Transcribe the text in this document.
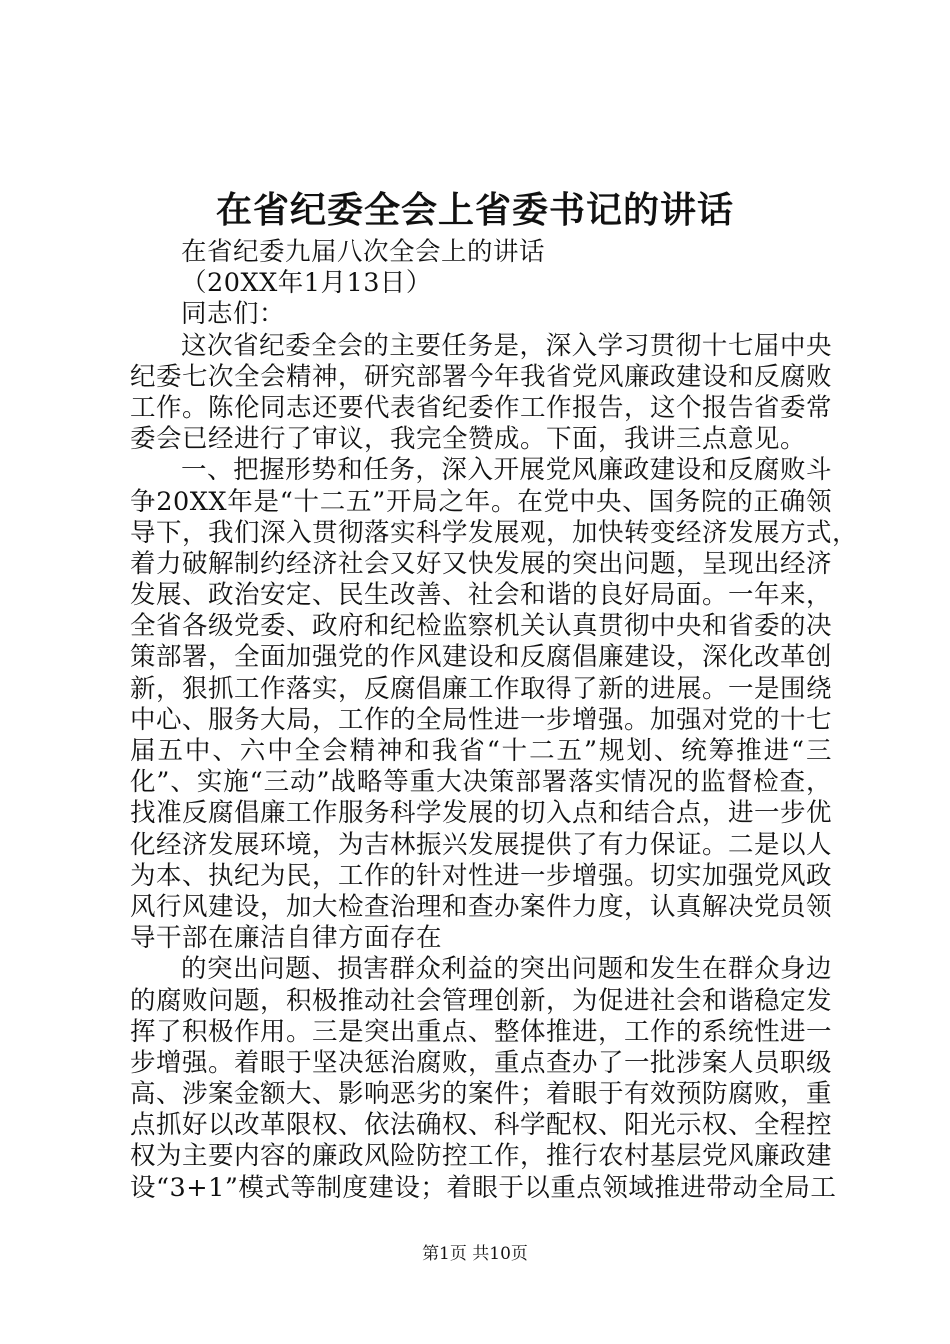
在省纪委全会上省委书记的讲话
在省纪委九届八次全会上的讲话
（20XX年1月13日）
同志们：
这次省纪委全会的主要任务是，深入学习贯彻十七届中央
纪委七次全会精神，研究部署今年我省党风廉政建设和反腐败
工作。陈伦同志还要代表省纪委作工作报告，这个报告省委常
委会已经进行了审议，我完全赞成。下面，我讲三点意见。
一、把握形势和任务，深入开展党风廉政建设和反腐败斗
争20XX年是“十二五”开局之年。在党中央、国务院的正确领
导下，我们深入贯彻落实科学发展观，加快转变经济发展方式，
着力破解制约经济社会又好又快发展的突出问题，呈现出经济
发展、政治安定、民生改善、社会和谐的良好局面。一年来，
全省各级党委、政府和纪检监察机关认真贯彻中央和省委的决
策部署，全面加强党的作风建设和反腐倡廉建设，深化改革创
新，狠抓工作落实，反腐倡廉工作取得了新的进展。一是围绕
中心、服务大局，工作的全局性进一步增强。加强对党的十七
届五中、六中全会精神和我省“十二五”规划、统筹推进“三
化”、实施“三动”战略等重大决策部署落实情况的监督检查，
找准反腐倡廉工作服务科学发展的切入点和结合点，进一步优
化经济发展环境，为吉林振兴发展提供了有力保证。二是以人
为本、执纪为民，工作的针对性进一步增强。切实加强党风政
风行风建设，加大检查治理和查办案件力度，认真解决党员领
导干部在廉洁自律方面存在
的突出问题、损害群众利益的突出问题和发生在群众身边
的腐败问题，积极推动社会管理创新，为促进社会和谐稳定发
挥了积极作用。三是突出重点、整体推进，工作的系统性进一
步增强。着眼于坚决惩治腐败，重点查办了一批涉案人员职级
高、涉案金额大、影响恶劣的案件；着眼于有效预防腐败，重
点抓好以改革限权、依法确权、科学配权、阳光示权、全程控
权为主要内容的廉政风险防控工作，推行农村基层党风廉政建
设“3+1”模式等制度建设；着眼于以重点领域推进带动全局工
第1页 共10页
